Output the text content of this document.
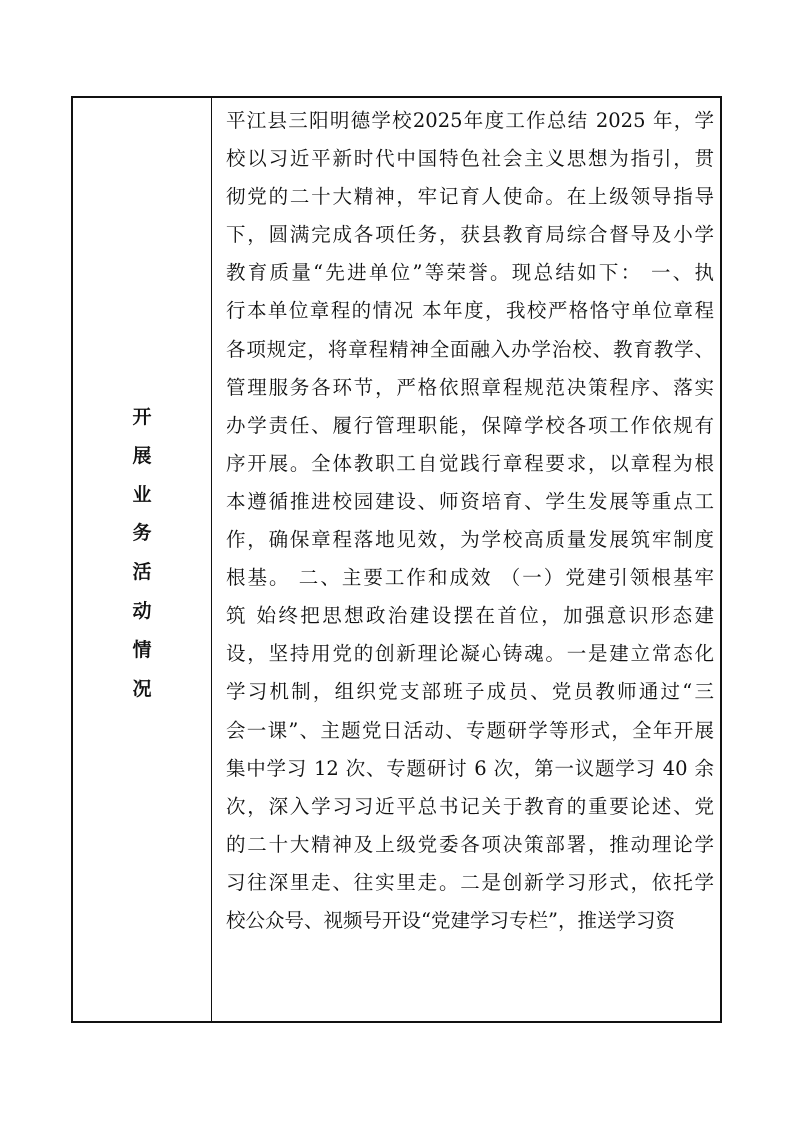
开
展
业
务
活
动
情
况
平江县三阳明德学校2025年度工作总结 2025 年，学
校以习近平新时代中国特色社会主义思想为指引，贯
彻党的二十大精神，牢记育人使命。在上级领导指导
下，圆满完成各项任务，获县教育局综合督导及小学
教育质量“先进单位”等荣誉。现总结如下： 一、执
行本单位章程的情况 本年度，我校严格恪守单位章程
各项规定，将章程精神全面融入办学治校、教育教学、
管理服务各环节，严格依照章程规范决策程序、落实
办学责任、履行管理职能，保障学校各项工作依规有
序开展。全体教职工自觉践行章程要求，以章程为根
本遵循推进校园建设、师资培育、学生发展等重点工
作，确保章程落地见效，为学校高质量发展筑牢制度
根基。 二、主要工作和成效 （一）党建引领根基牢
筑 始终把思想政治建设摆在首位，加强意识形态建
设，坚持用党的创新理论凝心铸魂。一是建立常态化
学习机制，组织党支部班子成员、党员教师通过“三
会一课”、主题党日活动、专题研学等形式，全年开展
集中学习 12 次、专题研讨 6 次，第一议题学习 40 余
次，深入学习习近平总书记关于教育的重要论述、党
的二十大精神及上级党委各项决策部署，推动理论学
习往深里走、往实里走。二是创新学习形式，依托学
校公众号、视频号开设“党建学习专栏”，推送学习资
